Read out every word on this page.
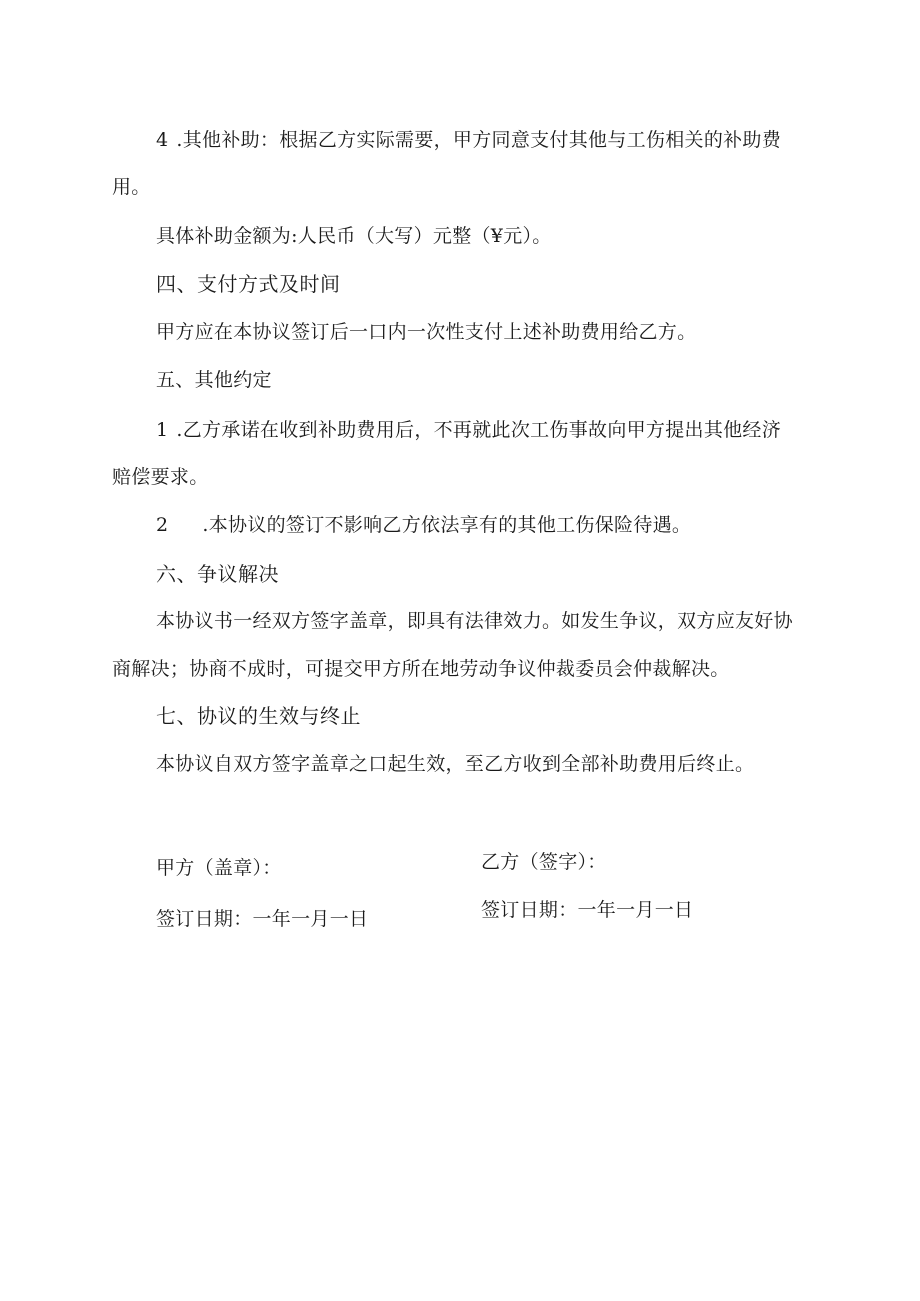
4 .其他补助：根据乙方实际需要，甲方同意支付其他与工伤相关的补助费
用。
具体补助金额为:人民币（大写）元整（¥元）。
四、支付方式及时间
甲方应在本协议签订后一口内一次性支付上述补助费用给乙方。
五、其他约定
1 .乙方承诺在收到补助费用后，不再就此次工伤事故向甲方提出其他经济
赔偿要求。
2 .本协议的签订不影响乙方依法享有的其他工伤保险待遇。
六、争议解决
本协议书一经双方签字盖章，即具有法律效力。如发生争议，双方应友好协
商解决；协商不成时，可提交甲方所在地劳动争议仲裁委员会仲裁解决。
七、协议的生效与终止
本协议自双方签字盖章之口起生效，至乙方收到全部补助费用后终止。
甲方（盖章）：
签订日期：一年一月一日
乙方（签字）：
签订日期：一年一月一日
